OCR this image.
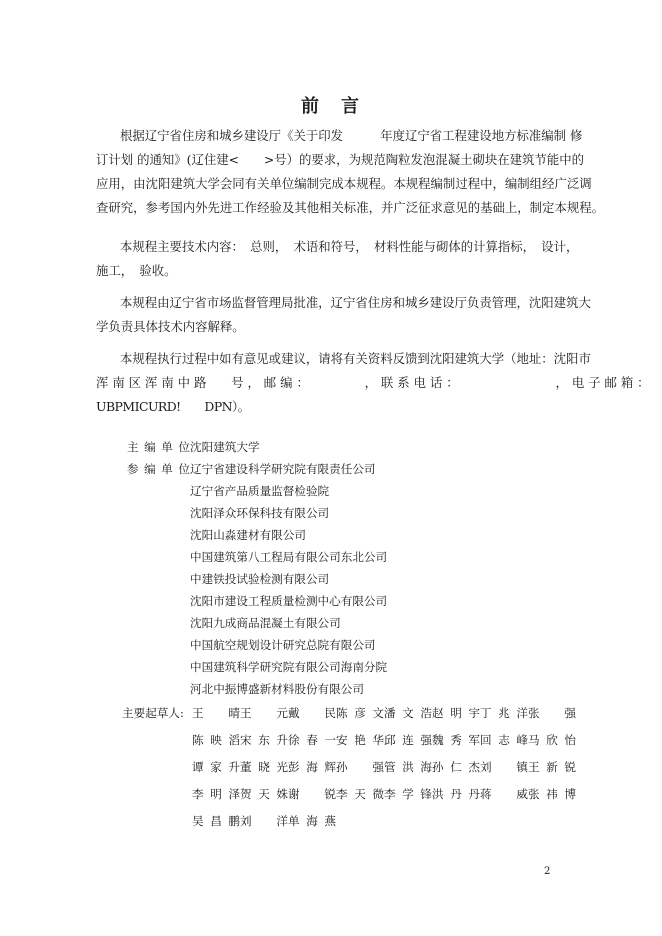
前 言
根据辽宁省住房和城乡建设厅《关于印发　　　年度辽宁省工程建设地方标准编制 修
订计划 的通知》(辽住建<　　>号）的要求，为规范陶粒发泡混凝土砌块在建筑节能中的
应用，由沈阳建筑大学会同有关单位编制完成本规程。本规程编制过程中，编制组经广泛调
查研究，参考国内外先进工作经验及其他相关标准，并广泛征求意见的基础上，制定本规程。
本规程主要技术内容：　总则，　术语和符号，　材料性能与砌体的计算指标，　设计，
施工，　验收。
本规程由辽宁省市场监督管理局批准，辽宁省住房和城乡建设厅负责管理，沈阳建筑大
学负责具体技术内容解释。
本规程执行过程中如有意见或建议，请将有关资料反馈到沈阳建筑大学（地址：沈阳市
浑 南 区 浑 南 中 路　　号 ， 邮 编 ：　　　　　， 联 系 电 话 ：　　　　　　　　 ， 电 子 邮 箱 ：
UBPMICURD!　　DPN）。
主编单位 沈阳建筑大学
参编单位 辽宁省建设科学研究院有限责任公司
辽宁省产品质量监督检验院
沈阳泽众环保科技有限公司
沈阳山淼建材有限公司
中国建筑第八工程局有限公司东北公司
中建铁投试验检测有限公司
沈阳市建设工程质量检测中心有限公司
沈阳九成商品混凝土有限公司
中国航空规划设计研究总院有限公司
中国建筑科学研究院有限公司海南分院
河北中振博盛新材料股份有限公司
主要起草人: 王　晴 王　元 戴　民 陈彦文 潘文浩 赵明宇 丁兆洋 张　强
陈映滔 宋东升 徐春一 安艳华 邱连强 魏秀军 回志峰 马欣怡
谭家升 董晓光 彭海辉 孙　强 管洪海 孙仁杰 刘　镇 王新锐
李明泽 贺天姝 谢　锐 李天微 李学锋 洪丹丹 蒋　威 张祎博
吴昌鹏 刘　洋 单海燕
2
